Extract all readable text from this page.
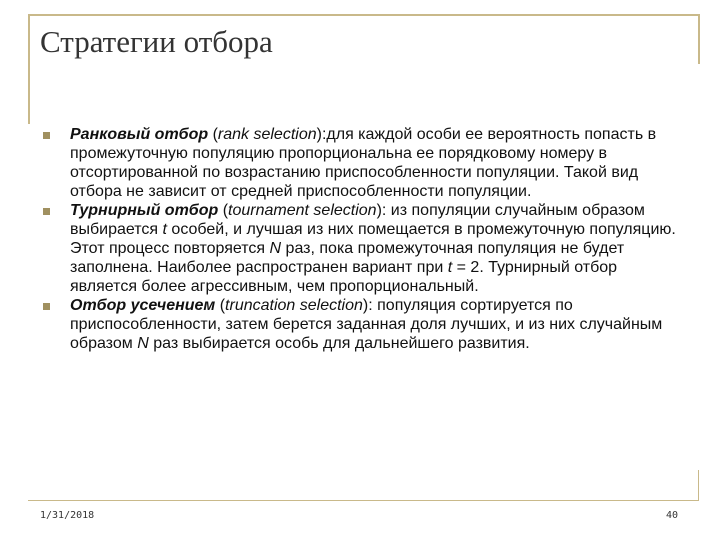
Стратегии отбора
Ранковый отбор (rank selection):для каждой особи ее вероятность попасть в промежуточную популяцию пропорциональна ее порядковому номеру в отсортированной по возрастанию приспособленности популяции. Такой вид отбора не зависит от средней приспособленности популяции.
Турнирный отбор (tournament selection): из популяции случайным образом выбирается t особей, и лучшая из них помещается в промежуточную популяцию. Этот процесс повторяется N раз, пока промежуточная популяция не будет заполнена. Наиболее распространен вариант при t = 2. Турнирный отбор является более агрессивным, чем пропорциональный.
Отбор усечением (truncation selection): популяция сортируется по приспособленности, затем берется заданная доля лучших, и из них случайным образом N раз выбирается особь для дальнейшего развития.
1/31/2018	40
